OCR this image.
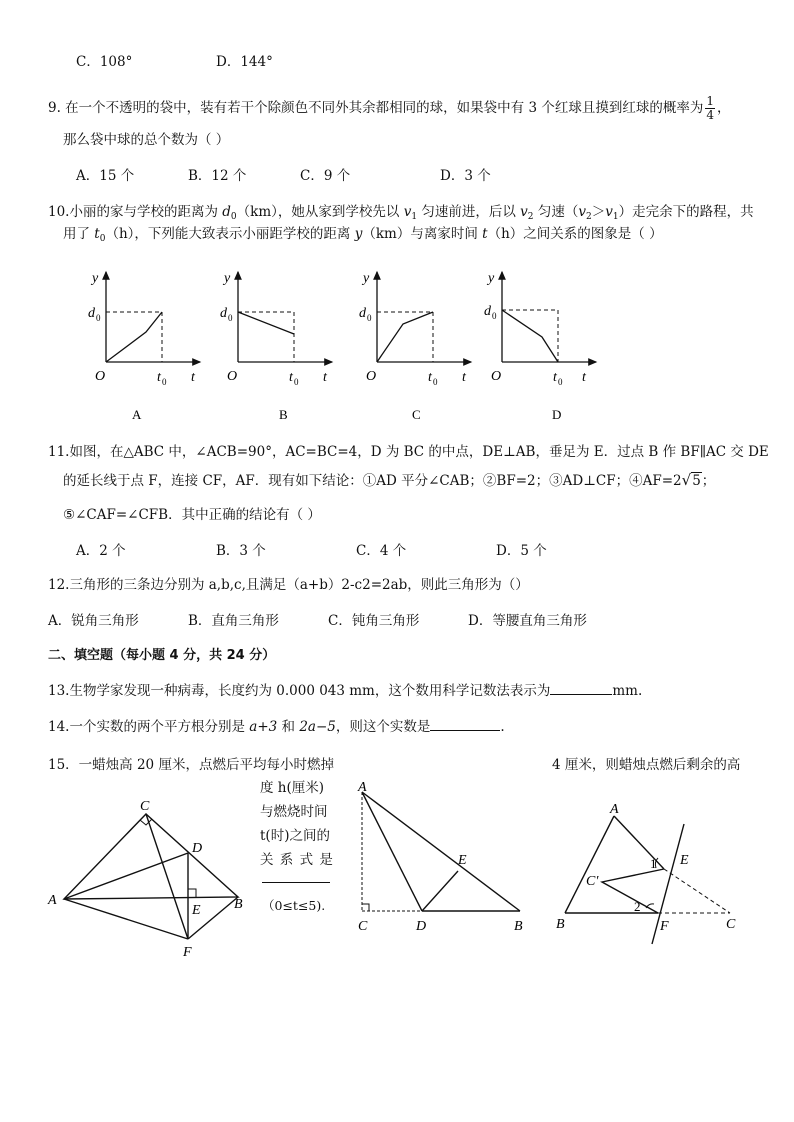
C．108°	D．144°
9. 在一个不透明的袋中，装有若干个除颜色不同外其余都相同的球，如果袋中有 3 个红球且摸到红球的概率为 $\frac{1}{4}$ ，
那么袋中球的总个数为（ ）
A．15 个	B．12 个	C．9 个	D．3 个
10.小丽的家与学校的距离为 $d_0(km)$，她从家到学校先以 $v_1$ 匀速前进，后以 $v_2$ 匀速$(v_2>v_1)$走完余下的路程，共
用了 $t_0(h)$，下列能大致表示小丽距学校的距离 y（km）与离家时间 t（h）之间关系的图象是（ ）
y
d 0
O	t 0 t
A
y
d 0
O	t 0 t
B
y
d 0
O	t 0 t
C
y
d 0
O	t 0 t
D
11.如图，在△ABC 中，∠ACB=90°，AC=BC=4，D 为 BC 的中点，DE⊥AB，垂足为 E．过点 B 作 BF∥AC 交 DE
的延长线于点 F，连接 CF，AF．现有如下结论：①AD 平分∠CAB；②BF=2；③AD⊥CF；④AF=2√5；
⑤∠CAF=∠CFB．其中正确的结论有（ ）
A．2 个	B．3 个	C．4 个	D．5 个
12.三角形的三条边分别为 a,b,c,且满足（a+b）2-c2=2ab，则此三角形为（）
A．锐角三角形	B．直角三角形	C．钝角三角形	D．等腰直角三角形
二、填空题（每小题 4 分，共 24 分）
13.生物学家发现一种病毒，长度约为 0.000 043 mm，这个数用科学记数法表示为	mm.
14.一个实数的两个平方根分别是 a+3 和 2a−5，则这个实数是	.
15．一蜡烛高 20 厘米，点燃后平均每小时燃掉	4 厘米，则蜡烛点燃后剩余的高
度 h(厘米)
与燃烧时间
t(时)之间的
关 系 式 是
（0≤t≤5).
A	B
C
D
E
F
A
B
C	D
E
A
B	C
C′
E
F
1
2
